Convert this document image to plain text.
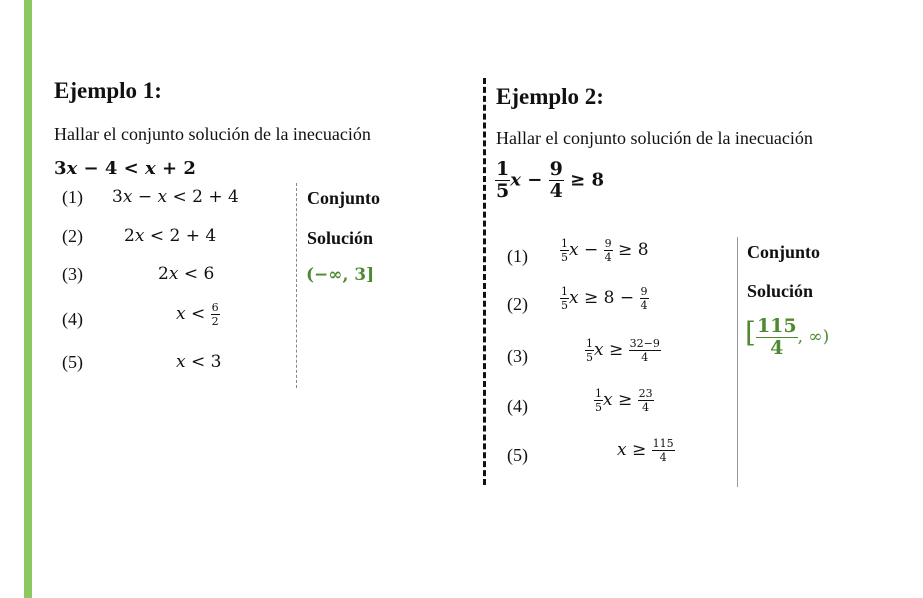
Ejemplo 1:
Hallar el conjunto solución de la inecuación
3x − 4 < x + 2
(1) 3x − x < 2 + 4
(2) 2x < 2 + 4
(3)	2x < 6
(4)	$x < \frac{6}{2}$
(5)	x < 3
Conjunto
Solución
(−∞, 3]
Ejemplo 2:
Hallar el conjunto solución de la inecuación
$\frac{1}{5}$ $x - \frac{9}{4} \ge 8$
(1)	$\frac{1}{5}$ $x - \frac{9}{4} \ge 8$
(2)	$\frac{1}{5}$ $x \ge 8 - \frac{9}{4}$
(3)	$\frac{1}{5}$ $x \ge \frac{32-9}{4}$
(4)	$\frac{1}{5}$ $x \ge \frac{23}{4}$
(5)	$x \ge \frac{115}{4}$
Conjunto
Solución
[ $\frac{115}{4}$ , ∞)
